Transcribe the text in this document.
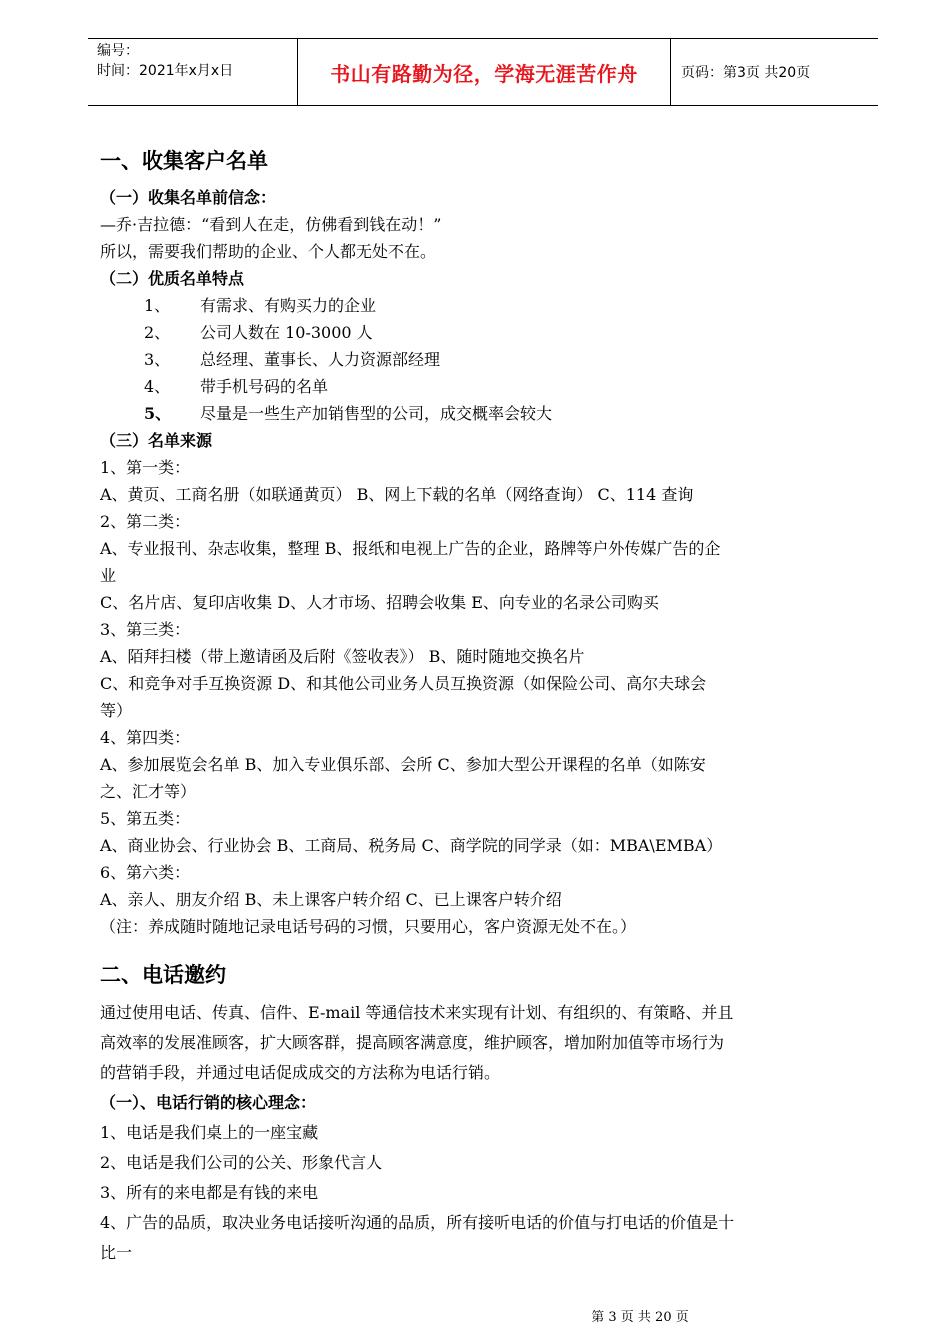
编号：
时间：2021年x月x日	书山有路勤为径，学海无涯苦作舟	页码：第3页 共20页
一、收集客户名单
（一）收集名单前信念：
—乔·吉拉德：“看到人在走，仿佛看到钱在动！”
所以，需要我们帮助的企业、个人都无处不在。
（二）优质名单特点
1、 有需求、有购买力的企业
2、 公司人数在 10-3000 人
3、 总经理、董事长、人力资源部经理
4、 带手机号码的名单
5、 尽量是一些生产加销售型的公司，成交概率会较大
（三）名单来源
1、第一类：
A、黄页、工商名册（如联通黄页） B、网上下载的名单（网络查询） C、114 查询
2、第二类：
A、专业报刊、杂志收集，整理 B、报纸和电视上广告的企业，路牌等户外传媒广告的企
业
C、名片店、复印店收集 D、人才市场、招聘会收集 E、向专业的名录公司购买
3、第三类：
A、陌拜扫楼（带上邀请函及后附《签收表》） B、随时随地交换名片
C、和竞争对手互换资源 D、和其他公司业务人员互换资源（如保险公司、高尔夫球会
等）
4、第四类：
A、参加展览会名单 B、加入专业俱乐部、会所 C、参加大型公开课程的名单（如陈安
之、汇才等）
5、第五类：
A、商业协会、行业协会 B、工商局、税务局 C、商学院的同学录（如：MBA\EMBA）
6、第六类：
A、亲人、朋友介绍 B、未上课客户转介绍 C、已上课客户转介绍
（注：养成随时随地记录电话号码的习惯，只要用心，客户资源无处不在。）
二、电话邀约
通过使用电话、传真、信件、E-mail 等通信技术来实现有计划、有组织的、有策略、并且
高效率的发展准顾客，扩大顾客群，提高顾客满意度，维护顾客，增加附加值等市场行为
的营销手段，并通过电话促成成交的方法称为电话行销。
（一）、电话行销的核心理念：
1、电话是我们桌上的一座宝藏
2、电话是我们公司的公关、形象代言人
3、所有的来电都是有钱的来电
4、广告的品质，取决业务电话接听沟通的品质，所有接听电话的价值与打电话的价值是十
比一
第 3 页 共 20 页
